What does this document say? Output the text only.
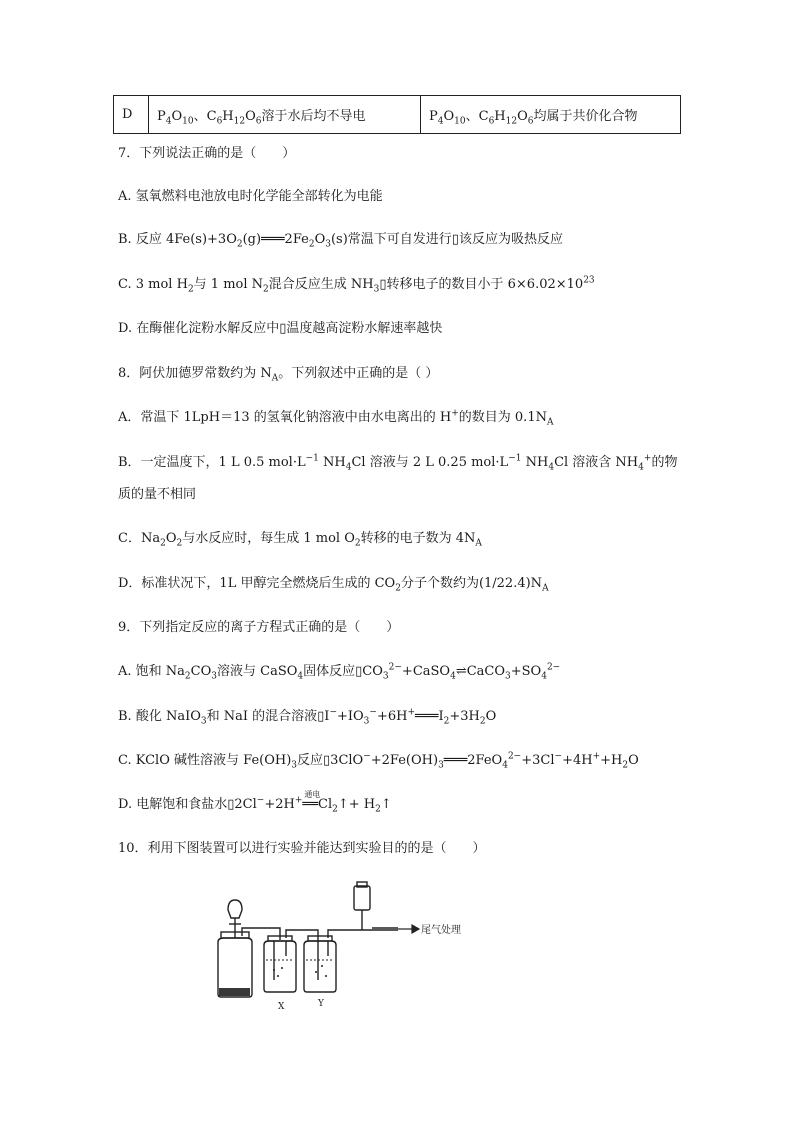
D	$P_4O_{10}$、$C_6H_{12}O_6$溶于水后均不导电	$P_4O_{10}$、$C_6H_{12}O_6$均属于共价化合物
7．下列说法正确的是（　　）
A. 氢氧燃料电池放电时化学能全部转化为电能
B. 反应 $4Fe(s)+3O_2(g)═══2Fe_2O_3(s)$常温下可自发进行▯该反应为吸热反应
C. 3 mol $H_2$与 1 mol $N_2$混合反应生成 $NH_3▯$转移电子的数目小于 $6\times 6.02\times 10^{23}$
D. 在酶催化淀粉水解反应中▯温度越高淀粉水解速率越快
8．阿伏加德罗常数约为 $N_A$。下列叙述中正确的是（ ）
A．常温下 1LpH＝13 的氢氧化钠溶液中由水电离出的 H+的数目为 $0.1N_A$
B．一定温度下，1 L 0.5 $mol\cdot L^{-1}$ $NH_4Cl$ 溶液与 2 L 0.25 $mol\cdot L^{-1}$ $NH_4Cl$ 溶液含 $NH_4^+$的物
质的量不相同
C．$Na_2O_2$与水反应时，每生成 1 mol $O_2$转移的电子数为 $4N_A$
D．标准状况下，1L 甲醇完全燃烧后生成的 $CO_2$分子个数约为$(1/22.4)N_A$
9．下列指定反应的离子方程式正确的是（　　）
A. 饱和 $Na_2CO_3$溶液与 CaSO$_4$固体反应$▯CO_3^{2-}+CaSO_4\rightleftharpoons CaCO_3+SO_4^{2-}$
B. 酸化 NaIO$_3$和 NaI 的混合溶液$▯I^-+IO_3^-+6H^+═══I_2+3H_2O$
C. KClO 碱性溶液与 $Fe(OH)_3$反应$▯3ClO^-+2Fe(OH)_3═══2FeO_4^{2-}+3Cl^-+4H^++H_2O$
D. 电解饱和食盐水▯2Cl−+2H+
通电
$══Cl_2↑+$ $H_2↑$
10．利用下图装置可以进行实验并能达到实验目的的是（　　）
尾气处理
X	Y
